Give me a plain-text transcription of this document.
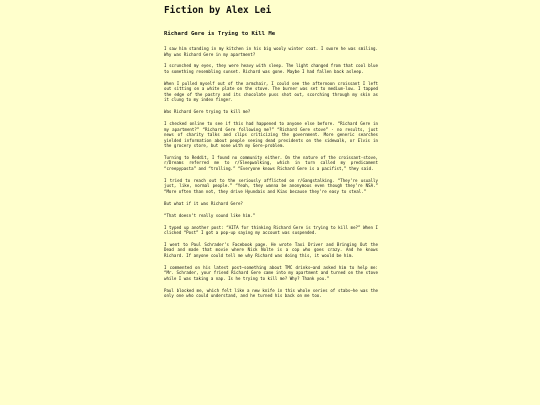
Fiction by Alex Lei
Richard Gere is Trying to Kill Me

I saw him standing in my kitchen in his big wooly winter coat. I swore he was smiling. Why was Richard Gere in my apartment?

I scrunched my eyes, they were heavy with sleep. The light changed from that cool blue to something resembling sunset. Richard was gone. Maybe I had fallen back asleep.

When I pulled myself out of the armchair, I could see the afternoon croissant I left out sitting on a white plate on the stove. The burner was set to medium-low. I tapped the edge of the pastry and its chocolate puss shot out, scorching through my skin as it clung to my index finger.

Was Richard Gere trying to kill me?

I checked online to see if this had happened to anyone else before. “Richard Gere in my apartment?” “Richard Gere following me?” “Richard Gere stove” - no results, just news of charity talks and clips criticizing the government. More generic searches yielded information about people seeing dead presidents on the sidewalk, or Elvis in the grocery store, but none with my Gere-problem.

Turning to Reddit, I found no community either. On the nature of the croissant-stove, r/Dreams referred me to r/Sleepwalking, which in turn called my predicament “creepypasta” and “trolling.” “Everyone knows Richard Gere is a pacifist,” they said.

I tried to reach out to the seriously afflicted on r/Gangstalking. “They’re usually just, like, normal people.” “Yeah, they wanna be anonymous even though they’re NSA.” “More often than not, they drive Hyundais and Kias because they’re easy to steal.”

But what if it was Richard Gere?

“That doesn’t really sound like him.”

I typed up another post: “AITA for thinking Richard Gere is trying to kill me?” When I clicked “Post” I got a pop-up saying my account was suspended.

I went to Paul Schrader’s Facebook page. He wrote Taxi Driver and Bringing Out the Dead and made that movie where Nick Nolte is a cop who goes crazy. And he knows Richard. If anyone could tell me why Richard was doing this, it would be him.

I commented on his latest post—something about TMC drinks—and asked him to help me: “Mr. Schrader, your friend Richard Gere came into my apartment and turned on the stove while I was taking a nap. Is he trying to kill me? Why? Thank you.”

Paul blocked me, which felt like a new knife in this whole series of stabs—he was the only one who could understand, and he turned his back on me too.
